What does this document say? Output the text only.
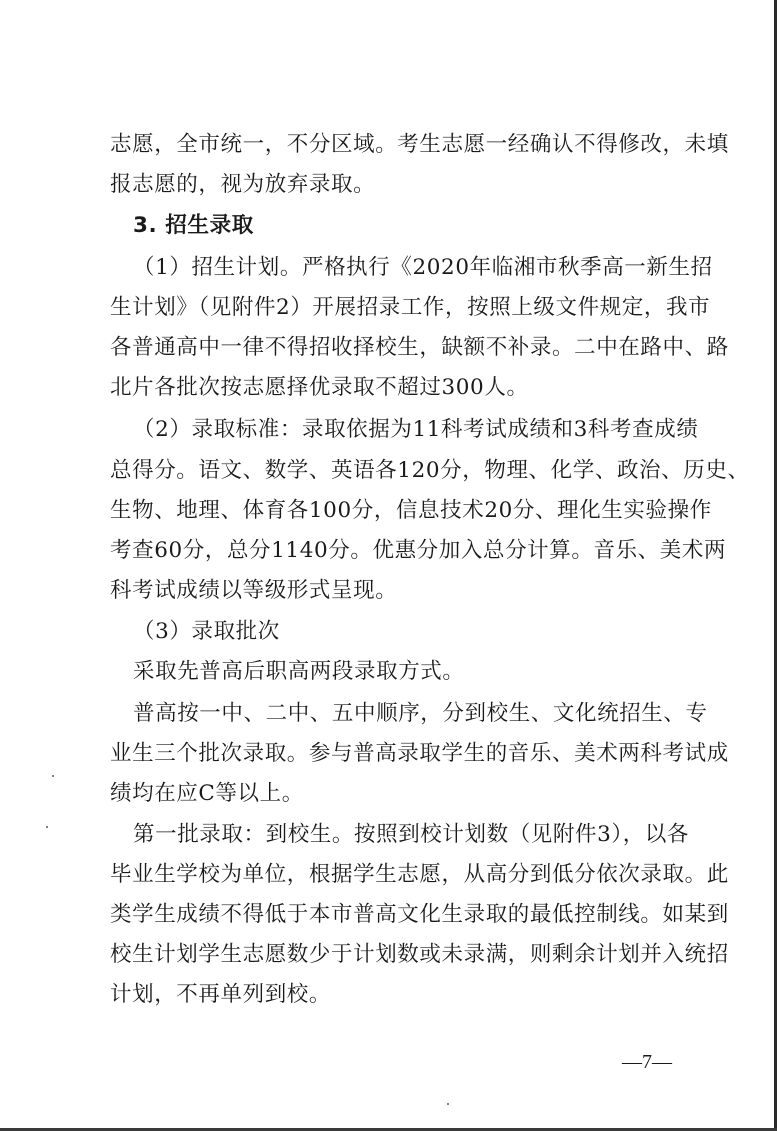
志愿，全市统一，不分区域。考生志愿一经确认不得修改，未填
报志愿的，视为放弃录取。
3. 招生录取
（1）招生计划。严格执行《2020年临湘市秋季高一新生招
生计划》（见附件2）开展招录工作，按照上级文件规定，我市
各普通高中一律不得招收择校生，缺额不补录。二中在路中、路
北片各批次按志愿择优录取不超过300人。
（2）录取标准：录取依据为11科考试成绩和3科考查成绩
总得分。语文、数学、英语各120分，物理、化学、政治、历史、
生物、地理、体育各100分，信息技术20分、理化生实验操作
考查60分，总分1140分。优惠分加入总分计算。音乐、美术两
科考试成绩以等级形式呈现。
（3）录取批次
采取先普高后职高两段录取方式。
普高按一中、二中、五中顺序，分到校生、文化统招生、专
业生三个批次录取。参与普高录取学生的音乐、美术两科考试成
绩均在应C等以上。
第一批录取：到校生。按照到校计划数（见附件3），以各
毕业生学校为单位，根据学生志愿，从高分到低分依次录取。此
类学生成绩不得低于本市普高文化生录取的最低控制线。如某到
校生计划学生志愿数少于计划数或未录满，则剩余计划并入统招
计划，不再单列到校。
—7—
